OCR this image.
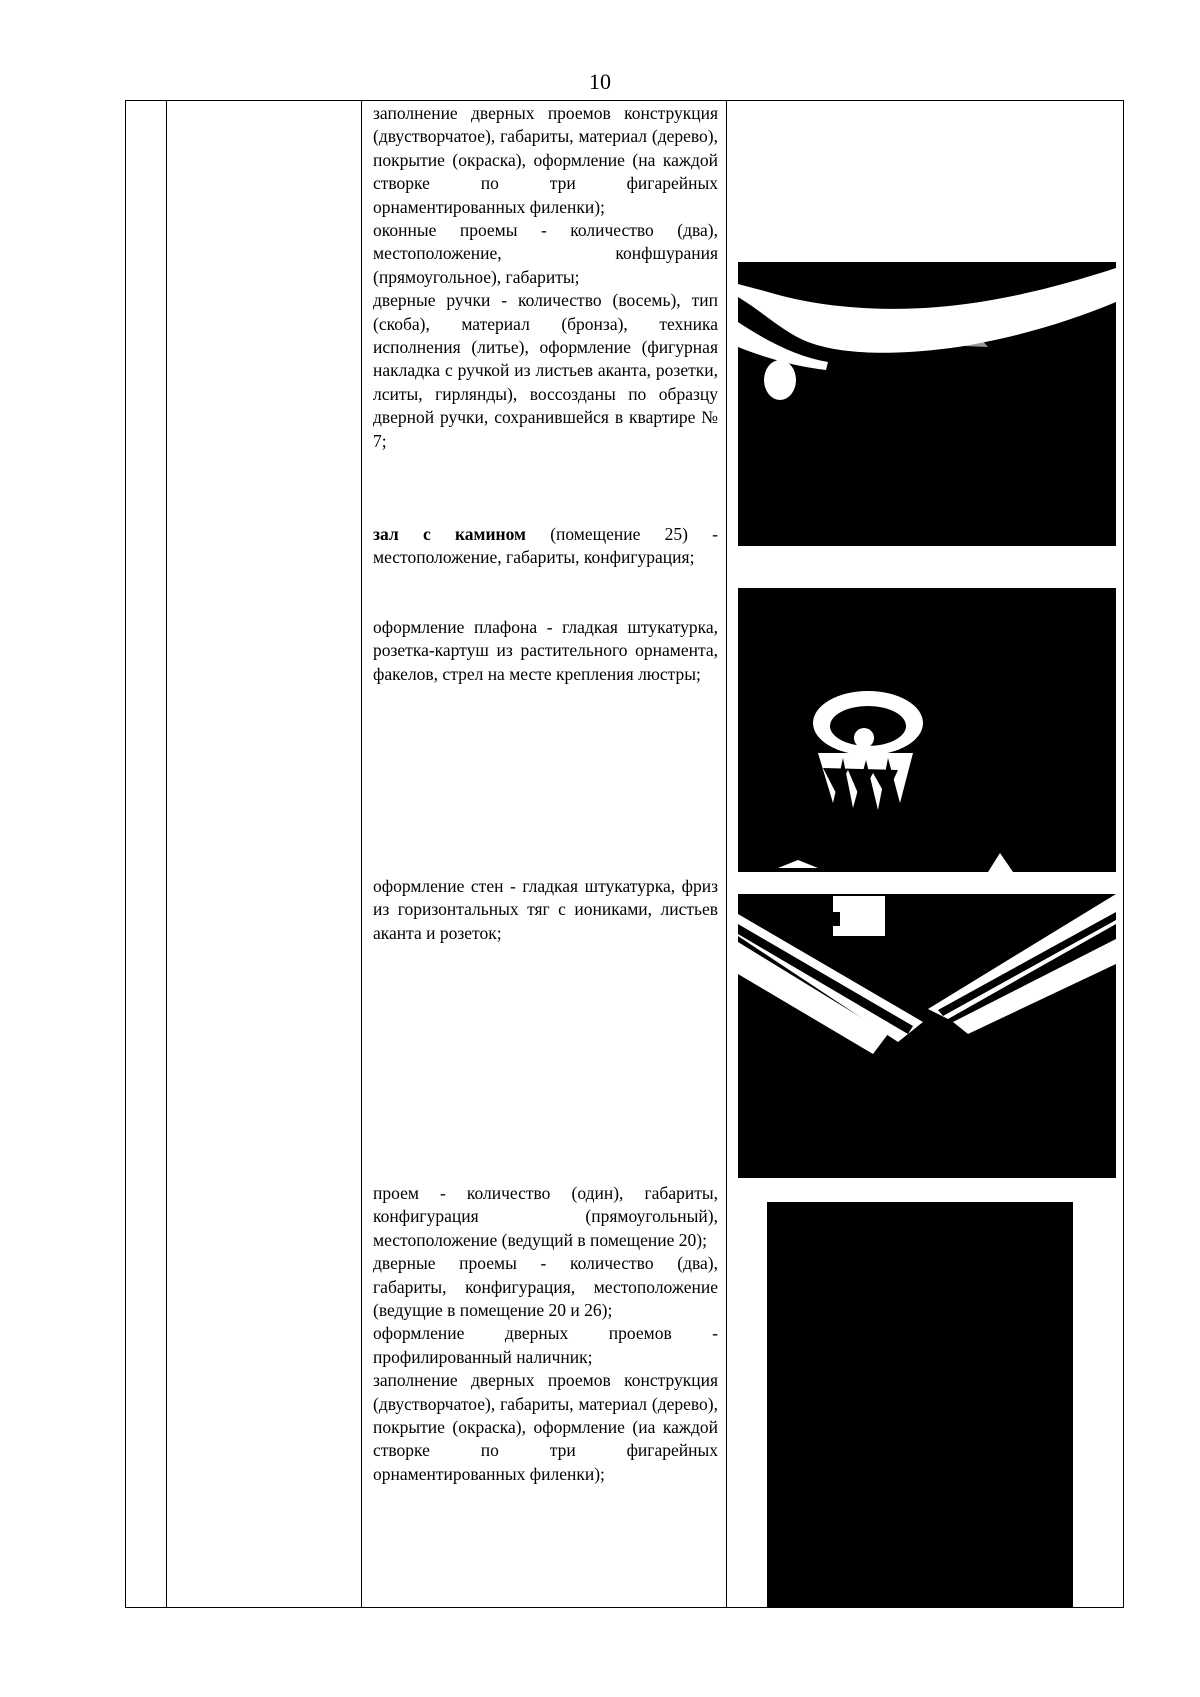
10
заполнение дверных проемов конструкция (двустворчатое), габариты, материал (дерево), покрытие (окраска), оформление (на каждой створке по три фигарейных орнаментированных филенки);
оконные проемы - количество (два), местоположение, конфшурания (прямоугольное), габариты;
дверные ручки - количество (восемь), тип (скоба), материал (бронза), техника исполнения (литье), оформление (фигурная накладка с ручкой из листьев аканта, розетки, лситы, гирлянды), воссозданы по образцу дверной ручки, сохранившейся в квартире № 7;
зал с камином (помещение 25) - местоположение, габариты, конфигурация;
оформление плафона - гладкая штукатурка, розетка-картуш из растительного орнамента, факелов, стрел на месте крепления люстры;
оформление стен - гладкая штукатурка, фриз из горизонтальных тяг с иониками, листьев аканта и розеток;
проем - количество (один), габариты, конфигурация (прямоугольный), местоположение (ведущий в помещение 20);
дверные проемы - количество (два), габариты, конфигурация, местоположение (ведущие в помещение 20 и 26);
оформление дверных проемов - профилированный наличник;
заполнение дверных проемов конструкция (двустворчатое), габариты, материал (дерево), покрытие (окраска), оформление (иа каждой створке по три фигарейных орнаментированных филенки);
